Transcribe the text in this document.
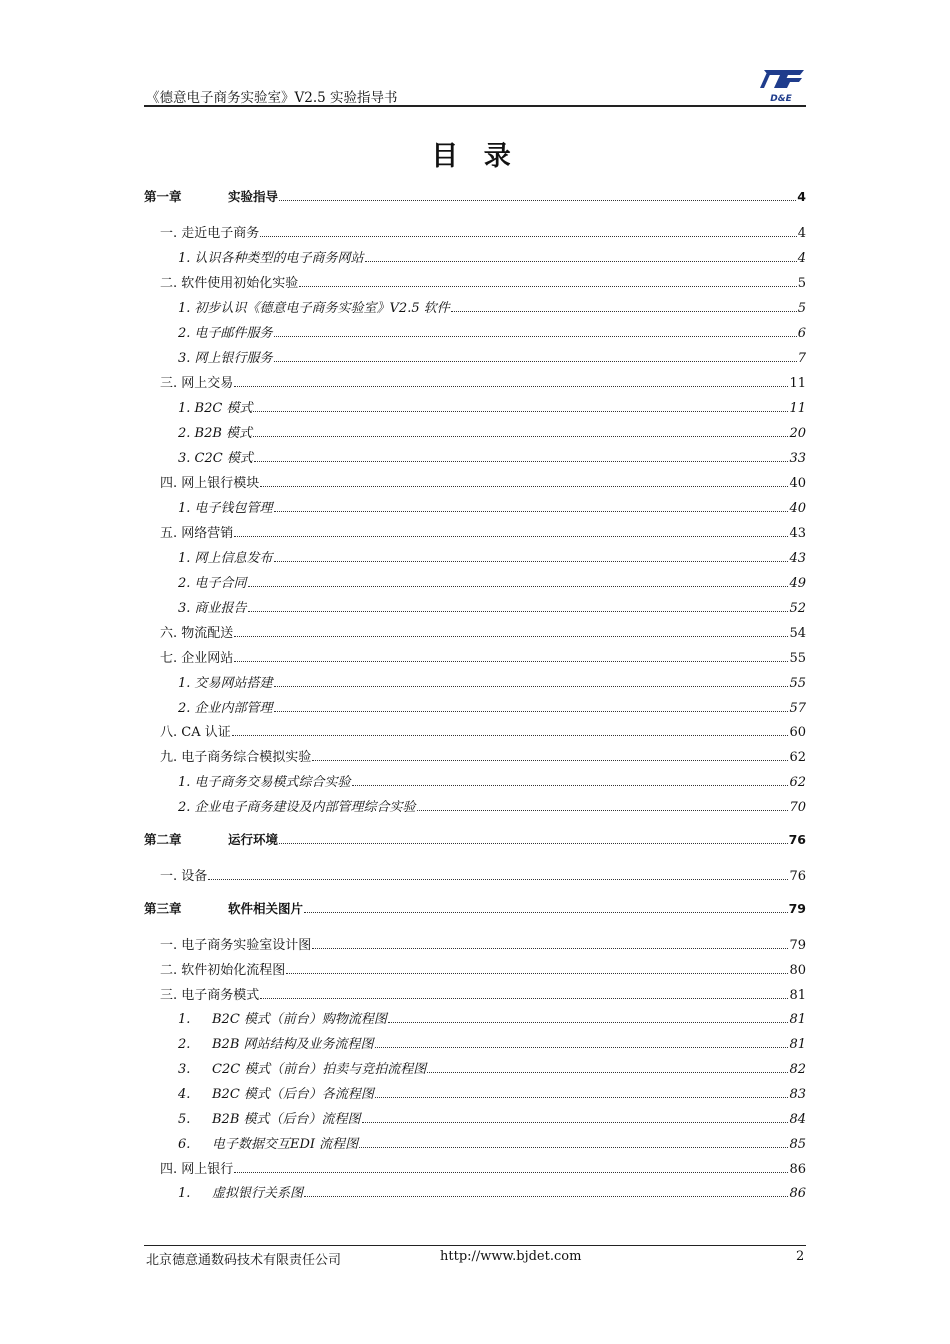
《德意电子商务实验室》V2.5 实验指导书	D&E
目 录
第一章	实验指导	4
一. 走近电子商务	4
1. 认识各种类型的电子商务网站	4
二. 软件使用初始化实验	5
1. 初步认识《德意电子商务实验室》V2.5 软件	5
2. 电子邮件服务	6
3. 网上银行服务	7
三. 网上交易	11
1. B2C 模式	11
2. B2B 模式	20
3. C2C 模式	33
四. 网上银行模块	40
1. 电子钱包管理	40
五. 网络营销	43
1. 网上信息发布	43
2. 电子合同	49
3. 商业报告	52
六. 物流配送	54
七. 企业网站	55
1. 交易网站搭建	55
2. 企业内部管理	57
八. CA 认证	60
九. 电子商务综合模拟实验	62
1. 电子商务交易模式综合实验	62
2. 企业电子商务建设及内部管理综合实验	70
第二章	运行环境	76
一. 设备	76
第三章	软件相关图片	79
一. 电子商务实验室设计图	79
二. 软件初始化流程图	80
三. 电子商务模式	81
1. B2C 模式（前台）购物流程图	81
2. B2B 网站结构及业务流程图	81
3. C2C 模式（前台）拍卖与竞拍流程图	82
4. B2C 模式（后台）各流程图	83
5. B2B 模式（后台）流程图	84
6. 电子数据交互EDI 流程图	85
四. 网上银行	86
1. 虚拟银行关系图	86
北京德意通数码技术有限责任公司	http://www.bjdet.com	2
